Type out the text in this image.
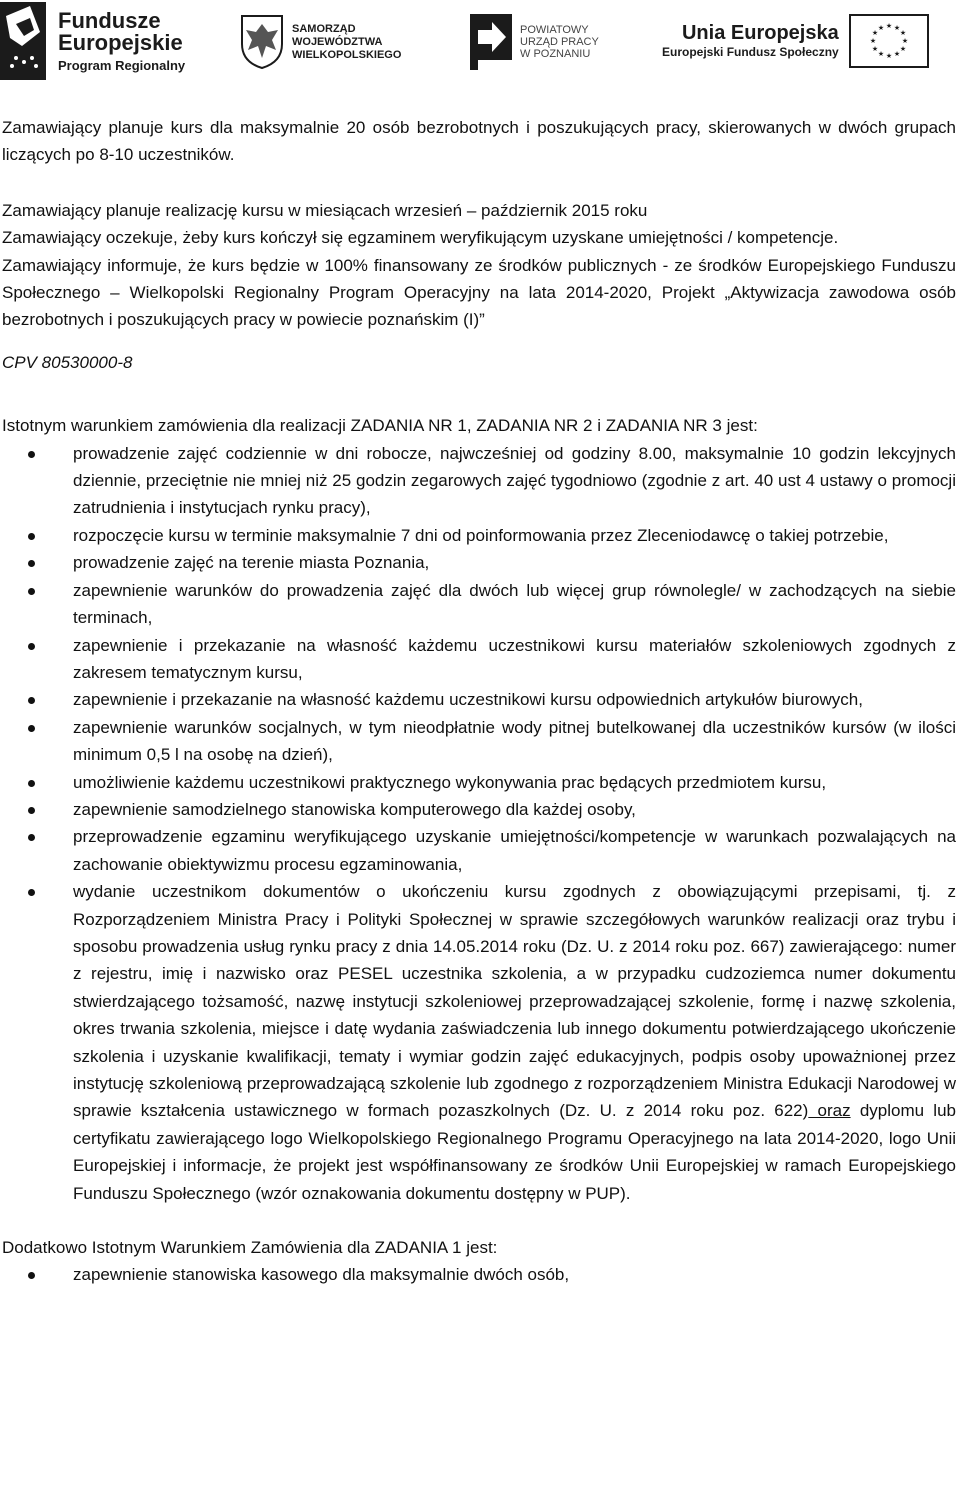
Fundusze
Europejskie
Program Regionalny
SAMORZĄD WOJEWÓDZTWA
WIELKOPOLSKIEGO
POWIATOWY
URZĄD PRACY
W POZNANIU
Unia Europejska
Europejski Fundusz Społeczny
★ ★
★
★
★
★
★
★
★
★
★
★

Zamawiający planuje kurs dla maksymalnie 20 osób bezrobotnych i poszukujących pracy, skierowanych w dwóch grupach liczących po 8-10 uczestników.

Zamawiający planuje realizację kursu w miesiącach wrzesień – październik 2015 roku

Zamawiający oczekuje, żeby kurs kończył się egzaminem weryfikującym uzyskane umiejętności / kompetencje.

Zamawiający informuje, że kurs będzie w 100% finansowany ze środków publicznych - ze środków Europejskiego Funduszu Społecznego – Wielkopolski Regionalny Program Operacyjny na lata 2014-2020, Projekt „Aktywizacja zawodowa osób bezrobotnych i poszukujących pracy w powiecie poznańskim (I)”

CPV 80530000-8

Istotnym warunkiem zamówienia dla realizacji ZADANIA NR 1, ZADANIA NR 2 i ZADANIA NR 3 jest:

prowadzenie zajęć codziennie w dni robocze, najwcześniej od godziny 8.00, maksymalnie 10 godzin lekcyjnych dziennie, przeciętnie nie mniej niż 25 godzin zegarowych zajęć tygodniowo (zgodnie z art. 40 ust 4 ustawy o promocji zatrudnienia i instytucjach rynku pracy),
rozpoczęcie kursu w terminie maksymalnie 7 dni od poinformowania przez Zleceniodawcę o takiej potrzebie,
prowadzenie zajęć na terenie miasta Poznania,
zapewnienie warunków do prowadzenia zajęć dla dwóch lub więcej grup równolegle/ w zachodzących na siebie terminach,
zapewnienie i przekazanie na własność każdemu uczestnikowi kursu materiałów szkoleniowych zgodnych z zakresem tematycznym kursu,
zapewnienie i przekazanie na własność każdemu uczestnikowi kursu odpowiednich artykułów biurowych,
zapewnienie warunków socjalnych, w tym nieodpłatnie wody pitnej butelkowanej dla uczestników kursów (w ilości minimum 0,5 l na osobę na dzień),
umożliwienie każdemu uczestnikowi praktycznego wykonywania prac będących przedmiotem kursu,
zapewnienie samodzielnego stanowiska komputerowego dla każdej osoby,
przeprowadzenie egzaminu weryfikującego uzyskanie umiejętności/kompetencje w warunkach pozwalających na zachowanie obiektywizmu procesu egzaminowania,
wydanie uczestnikom dokumentów o ukończeniu kursu zgodnych z obowiązującymi przepisami, tj. z Rozporządzeniem Ministra Pracy i Polityki Społecznej w sprawie szczegółowych warunków realizacji oraz trybu i sposobu prowadzenia usług rynku pracy z dnia 14.05.2014 roku (Dz. U. z 2014 roku poz. 667) zawierającego: numer z rejestru, imię i nazwisko oraz PESEL uczestnika szkolenia, a w przypadku cudzoziemca numer dokumentu stwierdzającego tożsamość, nazwę instytucji szkoleniowej przeprowadzającej szkolenie, formę i nazwę szkolenia, okres trwania szkolenia, miejsce i datę wydania zaświadczenia lub innego dokumentu potwierdzającego ukończenie szkolenia i uzyskanie kwalifikacji, tematy i wymiar godzin zajęć edukacyjnych, podpis osoby upoważnionej przez instytucję szkoleniową przeprowadzającą szkolenie lub zgodnego z rozporządzeniem Ministra Edukacji Narodowej w sprawie kształcenia ustawicznego w formach pozaszkolnych (Dz. U. z 2014 roku poz. 622) oraz dyplomu lub certyfikatu zawierającego logo Wielkopolskiego Regionalnego Programu Operacyjnego na lata 2014-2020, logo Unii Europejskiej i informacje, że projekt jest współfinansowany ze środków Unii Europejskiej w ramach Europejskiego Funduszu Społecznego (wzór oznakowania dokumentu dostępny w PUP).

Dodatkowo Istotnym Warunkiem Zamówienia dla ZADANIA 1 jest:

zapewnienie stanowiska kasowego dla maksymalnie dwóch osób,
